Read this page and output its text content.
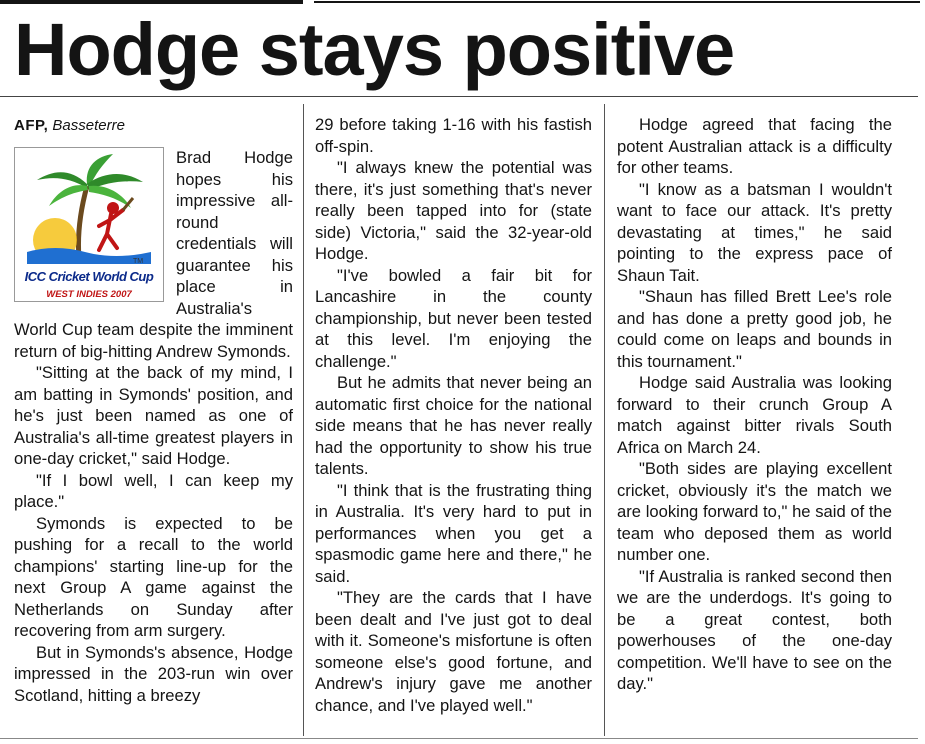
Hodge stays positive
AFP, Basseterre
TM
ICC Cricket World Cup
WEST INDIES 2007

Brad Hodge hopes his impressive all-round credentials will guarantee his place in Australia's World Cup team despite the imminent return of big-hitting Andrew Symonds.

"Sitting at the back of my mind, I am batting in Symonds' position, and he's just been named as one of Australia's all-time greatest players in one-day cricket," said Hodge.

"If I bowl well, I can keep my place."

Symonds is expected to be pushing for a recall to the world champions' starting line-up for the next Group A game against the Netherlands on Sunday after recovering from arm surgery.

But in Symonds's absence, Hodge impressed in the 203-run win over Scotland, hitting a breezy

29 before taking 1-16 with his fastish off-spin.

"I always knew the potential was there, it's just something that's never really been tapped into for (state side) Victoria," said the 32-year-old Hodge.

"I've bowled a fair bit for Lancashire in the county championship, but never been tested at this level. I'm enjoying the challenge."

But he admits that never being an automatic first choice for the national side means that he has never really had the opportunity to show his true talents.

"I think that is the frustrating thing in Australia. It's very hard to put in performances when you get a spasmodic game here and there," he said.

"They are the cards that I have been dealt and I've just got to deal with it. Someone's misfortune is often someone else's good fortune, and Andrew's injury gave me another chance, and I've played well."

Hodge agreed that facing the potent Australian attack is a difficulty for other teams.

"I know as a batsman I wouldn't want to face our attack. It's pretty devastating at times," he said pointing to the express pace of Shaun Tait.

"Shaun has filled Brett Lee's role and has done a pretty good job, he could come on leaps and bounds in this tournament."

Hodge said Australia was looking forward to their crunch Group A match against bitter rivals South Africa on March 24.

"Both sides are playing excellent cricket, obviously it's the match we are looking forward to," he said of the team who deposed them as world number one.

"If Australia is ranked second then we are the underdogs. It's going to be a great contest, both powerhouses of the one-day competition. We'll have to see on the day."
